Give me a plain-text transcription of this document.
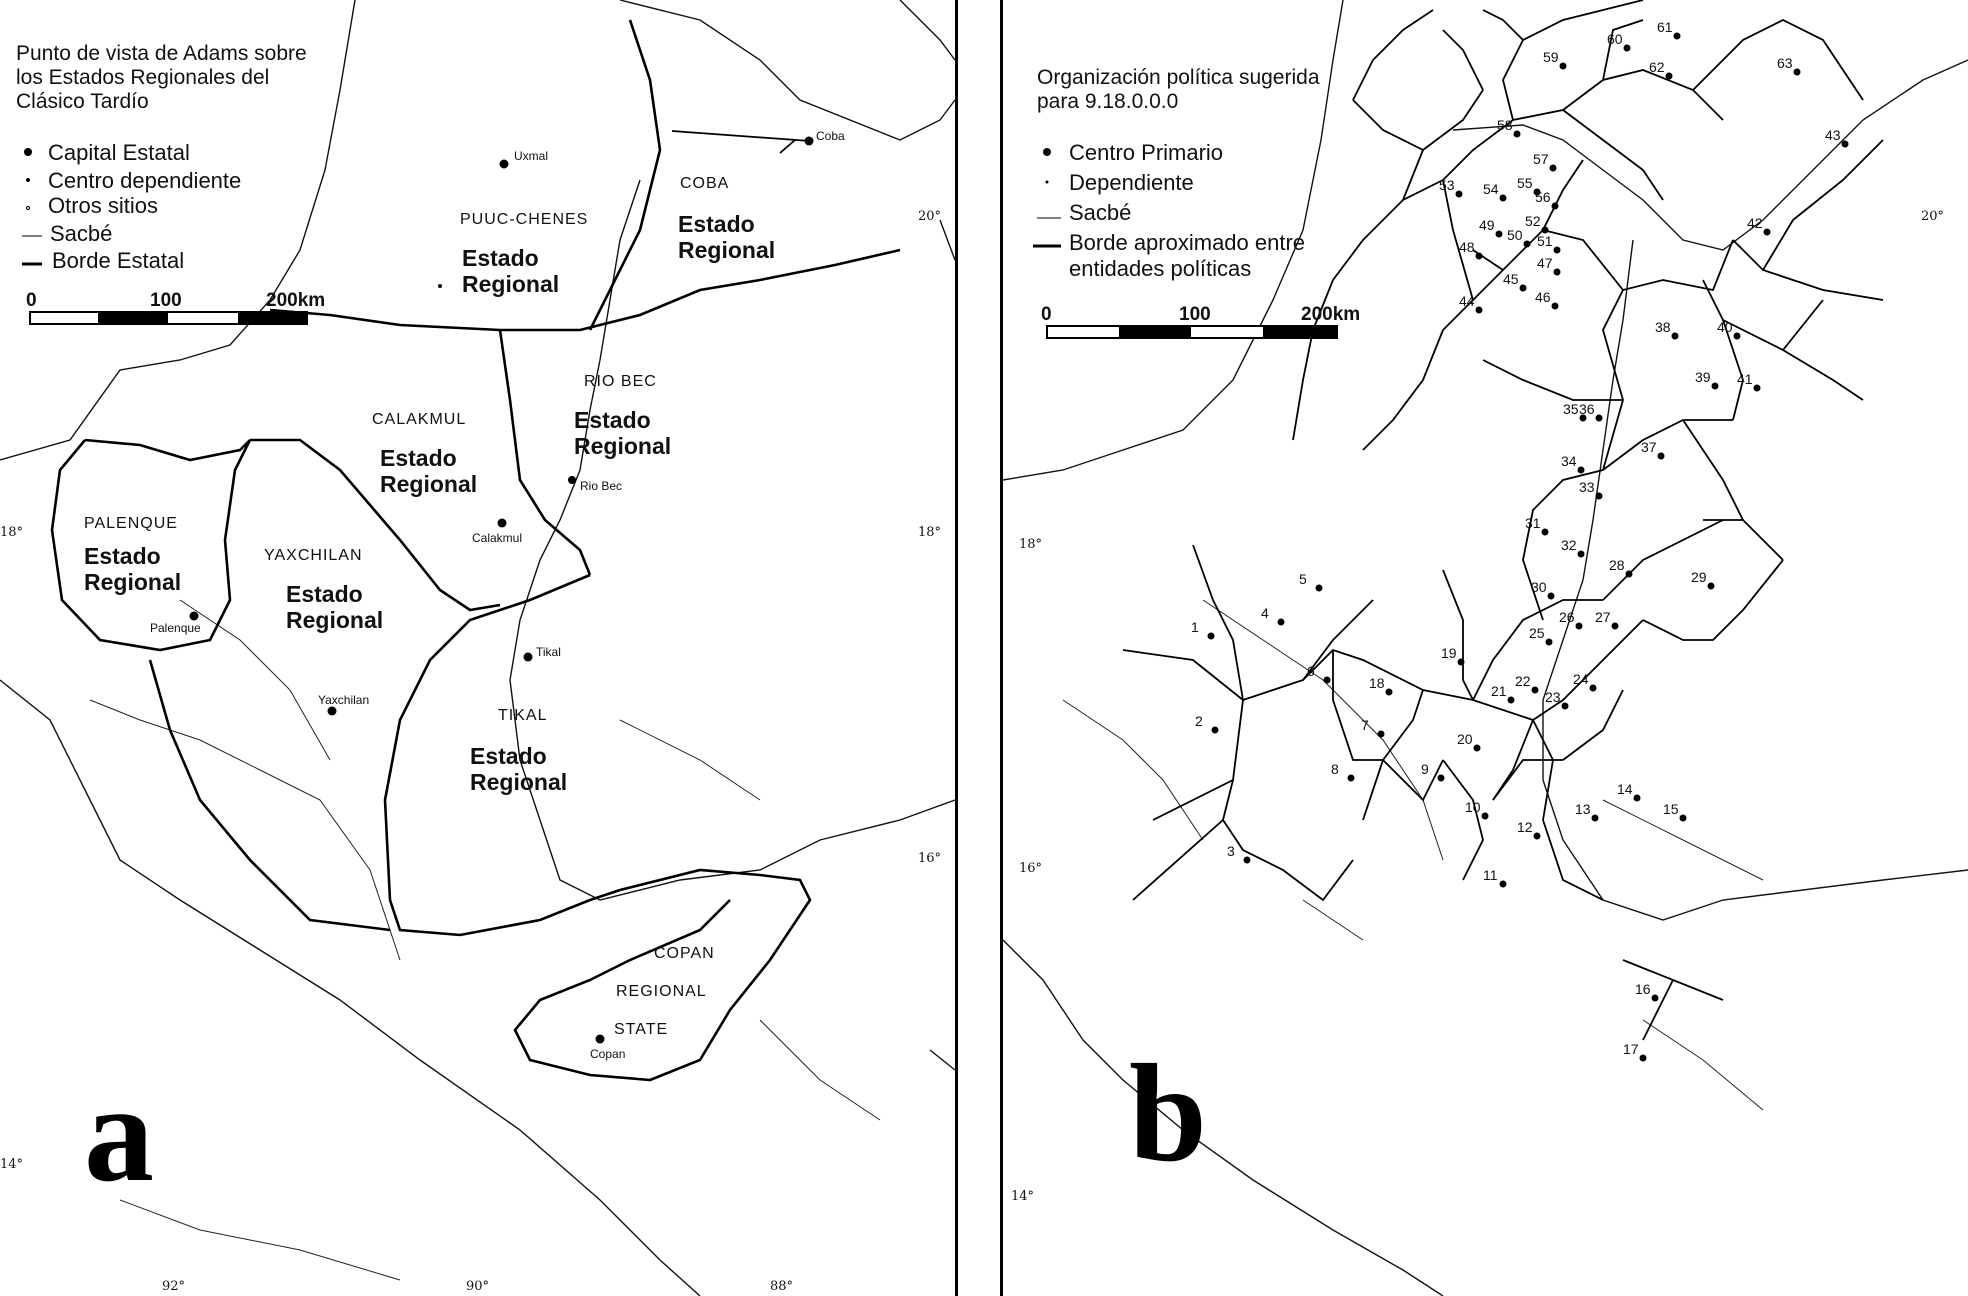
Punto de vista de Adams sobre
los Estados Regionales del
Clásico Tardío
Capital Estatal
Centro dependiente
Otros sitios
Sacbé
Borde Estatal
0	100	200km
PUUC-CHENES
Estado
Regional
COBA
Estado
Regional
CALAKMUL
Estado
Regional
RIO BEC
Estado
Regional
PALENQUE
Estado
Regional
YAXCHILAN
Estado
Regional
TIKAL
Estado
Regional
COPAN
REGIONAL
STATE
Uxmal
Coba
Calakmul
Rio Bec
Palenque
Yaxchilan
Tikal
Copan
20°
18°
18°
16°
14°
92°	90°	88°
a
Organización política sugerida
para 9.18.0.0.0
Centro Primario
Dependiente
Sacbé
Borde aproximado entre
entidades políticas
0	100	200km
1
2
3
4
5
6
7
8	9
10
11
12
13
14
15
16
17
18
19
20
21
22
23
24
25
26 27
28
29
30
31
32
33
34
35 36
37
38
39
40
41
42
43
44
45
46
47
48
49
50 51
52
53 54 55
56
57
58
59
60
61
62	63
20°
18°
16°
14°
b
